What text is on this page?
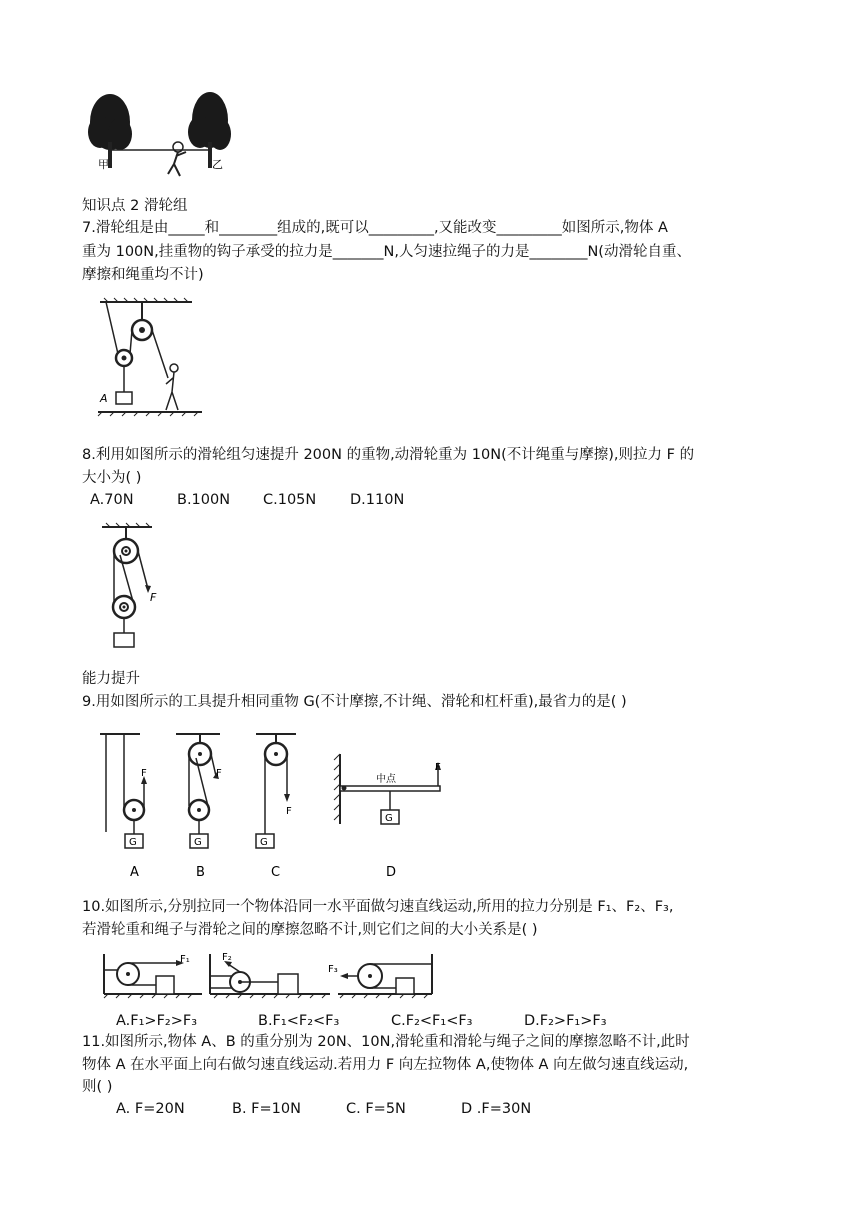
甲	乙
知识点 2 滑轮组
7.滑轮组是由_____和________组成的,既可以_________,又能改变_________如图所示,物体 A
重为 100N,挂重物的钩子承受的拉力是_______N,人匀速拉绳子的力是________N(动滑轮自重、
摩擦和绳重均不计)
A
8.利用如图所示的滑轮组匀速提升 200N 的重物,动滑轮重为 10N(不计绳重与摩擦),则拉力 F 的
大小为( )
A.70N	B.100N C.105N D.110N
F
能力提升
9.用如图所示的工具提升相同重物 G(不计摩擦,不计绳、滑轮和杠杆重),最省力的是( )
F
G
A
F
G
B
F
G
C
中点
G
F
D
10.如图所示,分别拉同一个物体沿同一水平面做匀速直线运动,所用的拉力分别是 F₁、F₂、F₃,
若滑轮重和绳子与滑轮之间的摩擦忽略不计,则它们之间的大小关系是( )
F₁	F₂
F₃
A.F₁>F₂>F₃	B.F₁<F₂<F₃	C.F₂<F₁<F₃	D.F₂>F₁>F₃
11.如图所示,物体 A、B 的重分别为 20N、10N,滑轮重和滑轮与绳子之间的摩擦忽略不计,此时
物体 A 在水平面上向右做匀速直线运动.若用力 F 向左拉物体 A,使物体 A 向左做匀速直线运动,
则( )
A. F=20N	B. F=10N	C. F=5N	D .F=30N
